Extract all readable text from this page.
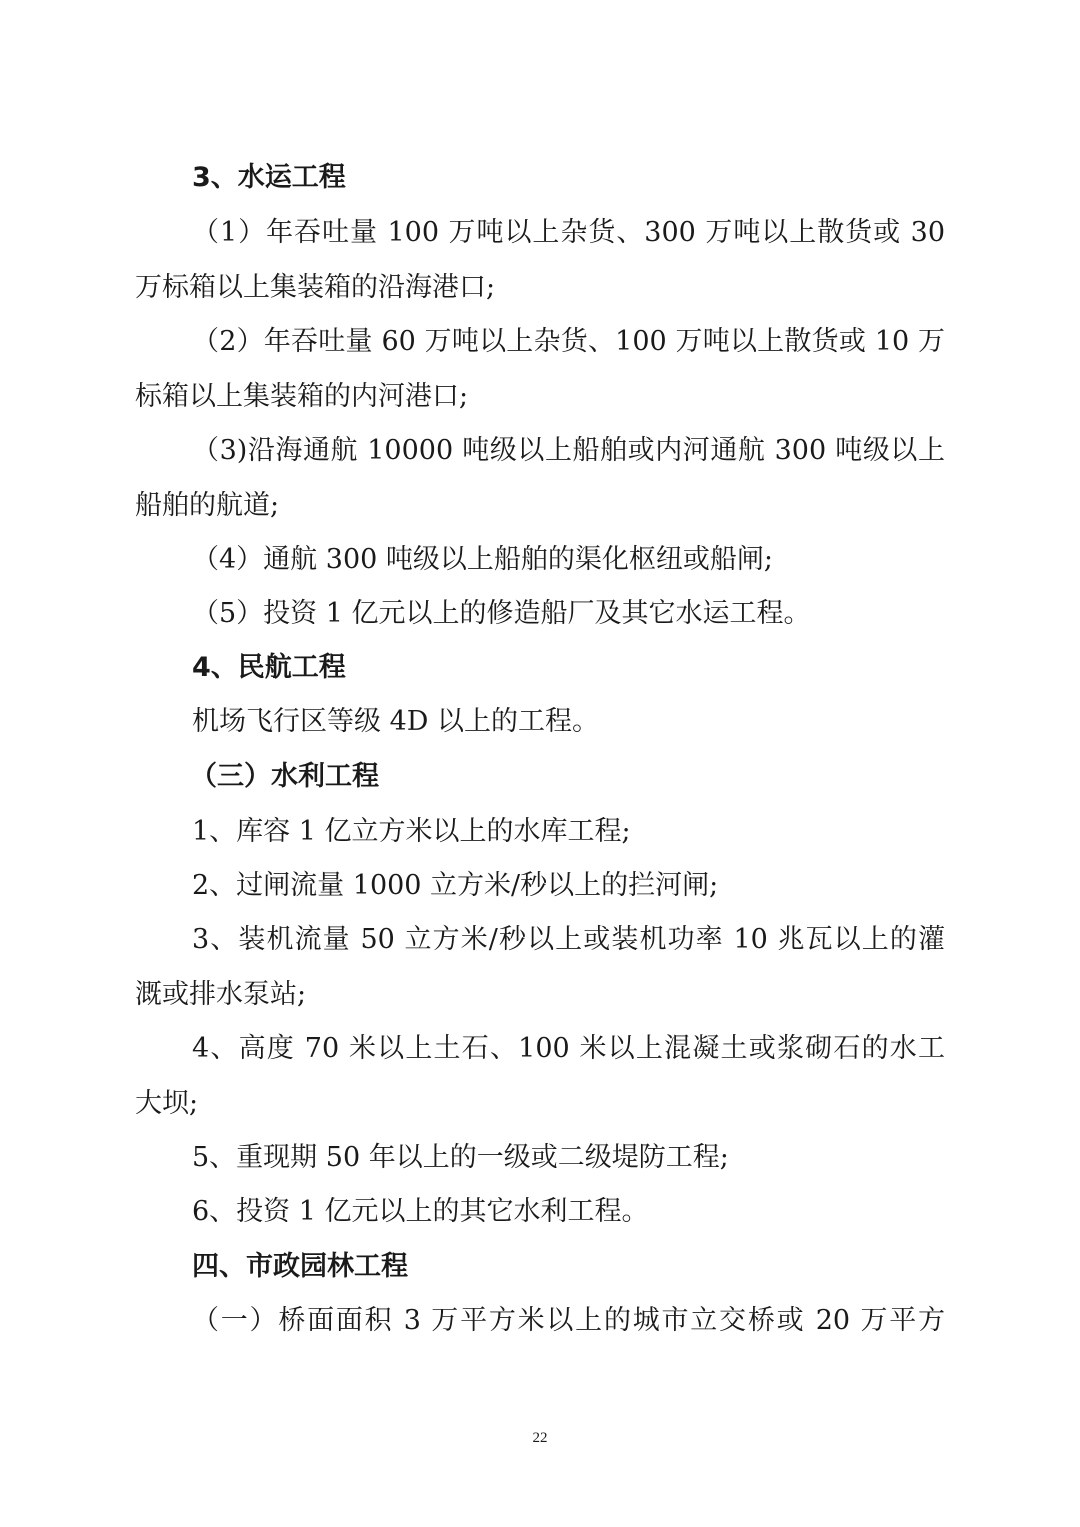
3、水运工程
（1）年吞吐量 100 万吨以上杂货、300 万吨以上散货或 30
万标箱以上集装箱的沿海港口;
（2）年吞吐量 60 万吨以上杂货、100 万吨以上散货或 10 万
标箱以上集装箱的内河港口;
（3)沿海通航 10000 吨级以上船舶或内河通航 300 吨级以上
船舶的航道;
（4）通航 300 吨级以上船舶的渠化枢纽或船闸;
（5）投资 1 亿元以上的修造船厂及其它水运工程。
4、民航工程
机场飞行区等级 4D 以上的工程。
（三）水利工程
1、库容 1 亿立方米以上的水库工程;
2、过闸流量 1000 立方米/秒以上的拦河闸;
3、装机流量 50 立方米/秒以上或装机功率 10 兆瓦以上的灌
溉或排水泵站;
4、高度 70 米以上土石、100 米以上混凝土或浆砌石的水工
大坝;
5、重现期 50 年以上的一级或二级堤防工程;
6、投资 1 亿元以上的其它水利工程。
四、市政园林工程
（一）桥面面积 3 万平方米以上的城市立交桥或 20 万平方
22
